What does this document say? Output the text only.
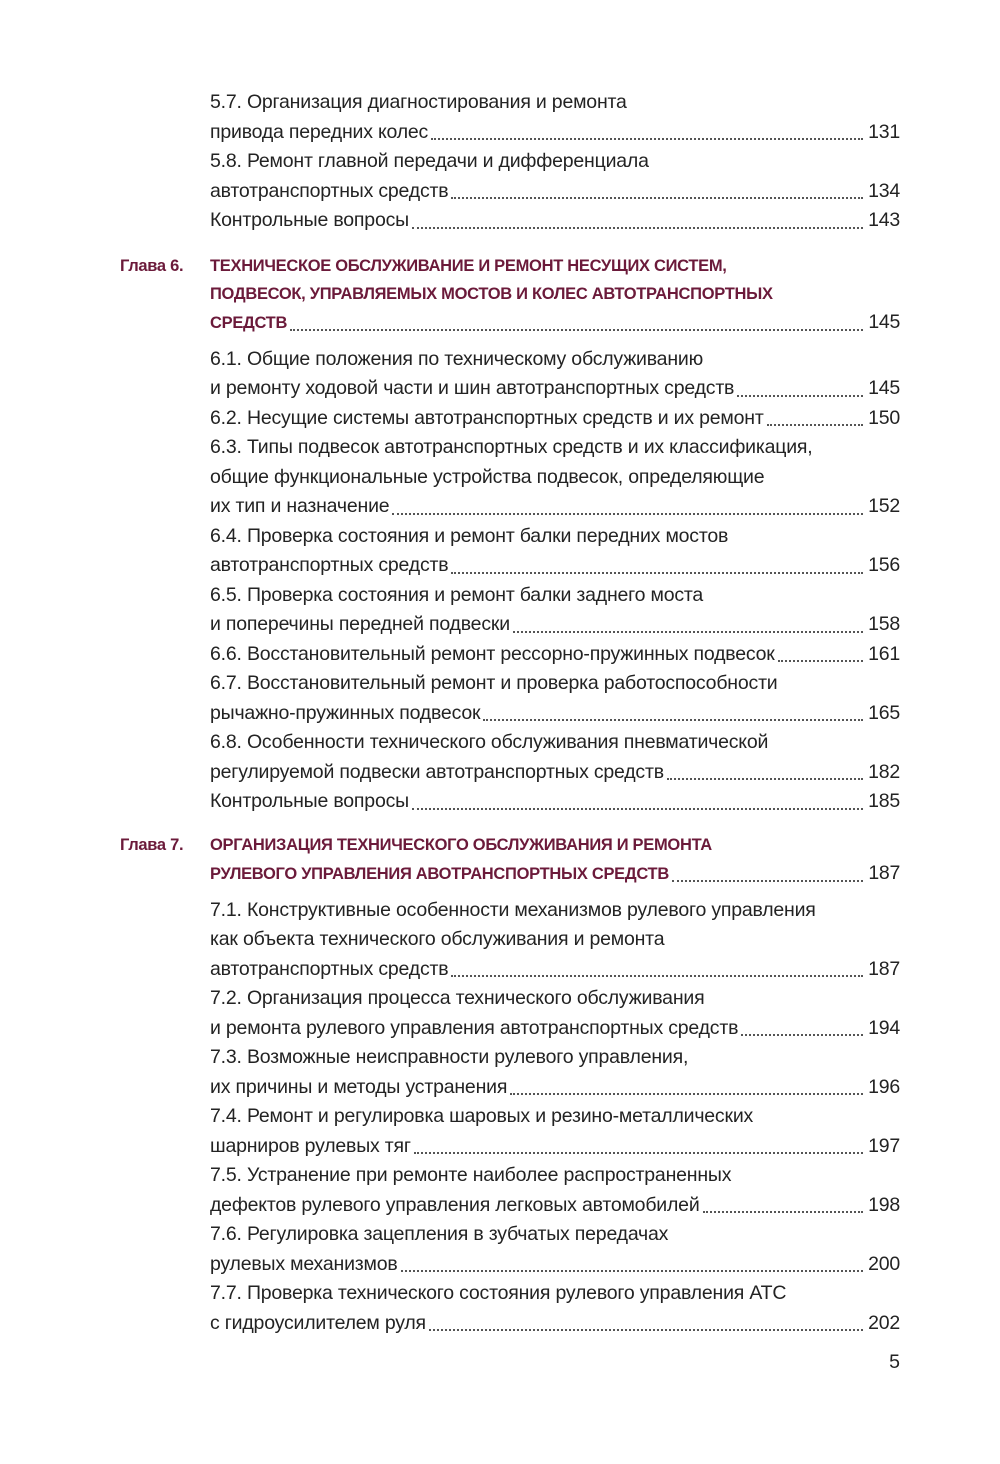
5.7. Организация диагностирования и ремонта
привода передних колес	131
5.8. Ремонт главной передачи и дифференциала
автотранспортных средств	134
Контрольные вопросы	143
Глава 6.	ТЕХНИЧЕСКОЕ ОБСЛУЖИВАНИЕ И РЕМОНТ НЕСУЩИХ СИСТЕМ,
ПОДВЕСОК, УПРАВЛЯЕМЫХ МОСТОВ И КОЛЕС АВТОТРАНСПОРТНЫХ
СРЕДСТВ	145
6.1. Общие положения по техническому обслуживанию
и ремонту ходовой части и шин автотранспортных средств	145
6.2. Несущие системы автотранспортных средств и их ремонт	150
6.3. Типы подвесок автотранспортных средств и их классификация,
общие функциональные устройства подвесок, определяющие
их тип и назначение	152
6.4. Проверка состояния и ремонт балки передних мостов
автотранспортных средств	156
6.5. Проверка состояния и ремонт балки заднего моста
и поперечины передней подвески	158
6.6. Восстановительный ремонт рессорно-пружинных подвесок	161
6.7. Восстановительный ремонт и проверка работоспособности
рычажно-пружинных подвесок	165
6.8. Особенности технического обслуживания пневматической
регулируемой подвески автотранспортных средств	182
Контрольные вопросы	185
Глава 7.	ОРГАНИЗАЦИЯ ТЕХНИЧЕСКОГО ОБСЛУЖИВАНИЯ И РЕМОНТА
РУЛЕВОГО УПРАВЛЕНИЯ АВОТРАНСПОРТНЫХ СРЕДСТВ	187
7.1. Конструктивные особенности механизмов рулевого управления
как объекта технического обслуживания и ремонта
автотранспортных средств	187
7.2. Организация процесса технического обслуживания
и ремонта рулевого управления автотранспортных средств	194
7.3. Возможные неисправности рулевого управления,
их причины и методы устранения	196
7.4. Ремонт и регулировка шаровых и резино-металлических
шарниров рулевых тяг	197
7.5. Устранение при ремонте наиболее распространенных
дефектов рулевого управления легковых автомобилей	198
7.6. Регулировка зацепления в зубчатых передачах
рулевых механизмов	200
7.7. Проверка технического состояния рулевого управления АТС
с гидроусилителем руля	202
5
